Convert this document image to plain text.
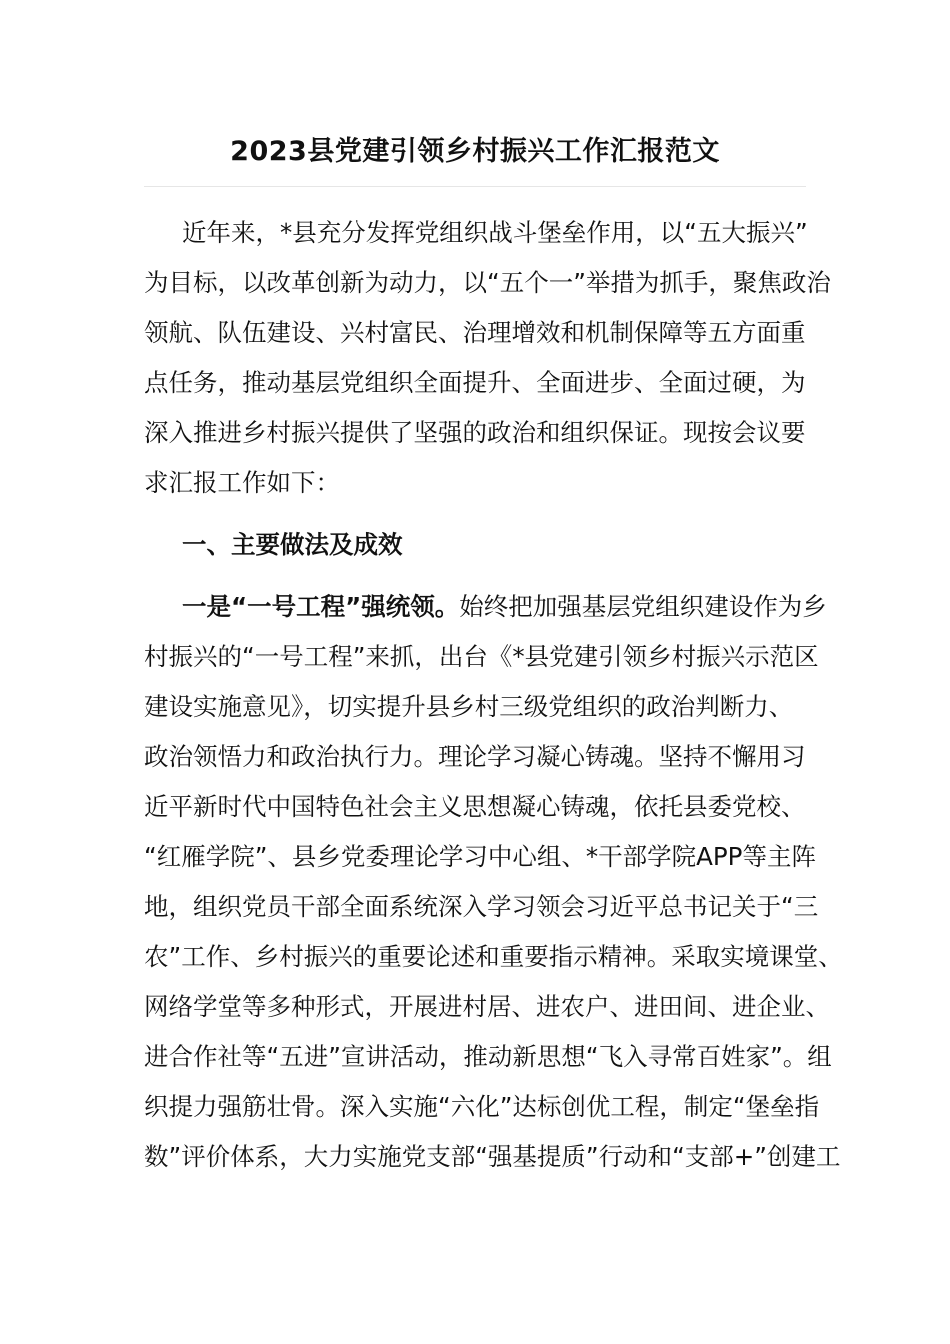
2023县党建引领乡村振兴工作汇报范文
近年来，*县充分发挥党组织战斗堡垒作用，以“五大振兴”
为目标，以改革创新为动力，以“五个一”举措为抓手，聚焦政治
领航、队伍建设、兴村富民、治理增效和机制保障等五方面重
点任务，推动基层党组织全面提升、全面进步、全面过硬，为
深入推进乡村振兴提供了坚强的政治和组织保证。现按会议要
求汇报工作如下：
一、主要做法及成效
一是“一号工程”强统领。始终把加强基层党组织建设作为乡
村振兴的“一号工程”来抓，出台《*县党建引领乡村振兴示范区
建设实施意见》，切实提升县乡村三级党组织的政治判断力、
政治领悟力和政治执行力。理论学习凝心铸魂。坚持不懈用习
近平新时代中国特色社会主义思想凝心铸魂，依托县委党校、
“红雁学院”、县乡党委理论学习中心组、*干部学院APP等主阵
地，组织党员干部全面系统深入学习领会习近平总书记关于“三
农”工作、乡村振兴的重要论述和重要指示精神。采取实境课堂、
网络学堂等多种形式，开展进村居、进农户、进田间、进企业、
进合作社等“五进”宣讲活动，推动新思想“飞入寻常百姓家”。组
织提力强筋壮骨。深入实施“六化”达标创优工程，制定“堡垒指
数”评价体系，大力实施党支部“强基提质”行动和“支部+”创建工
